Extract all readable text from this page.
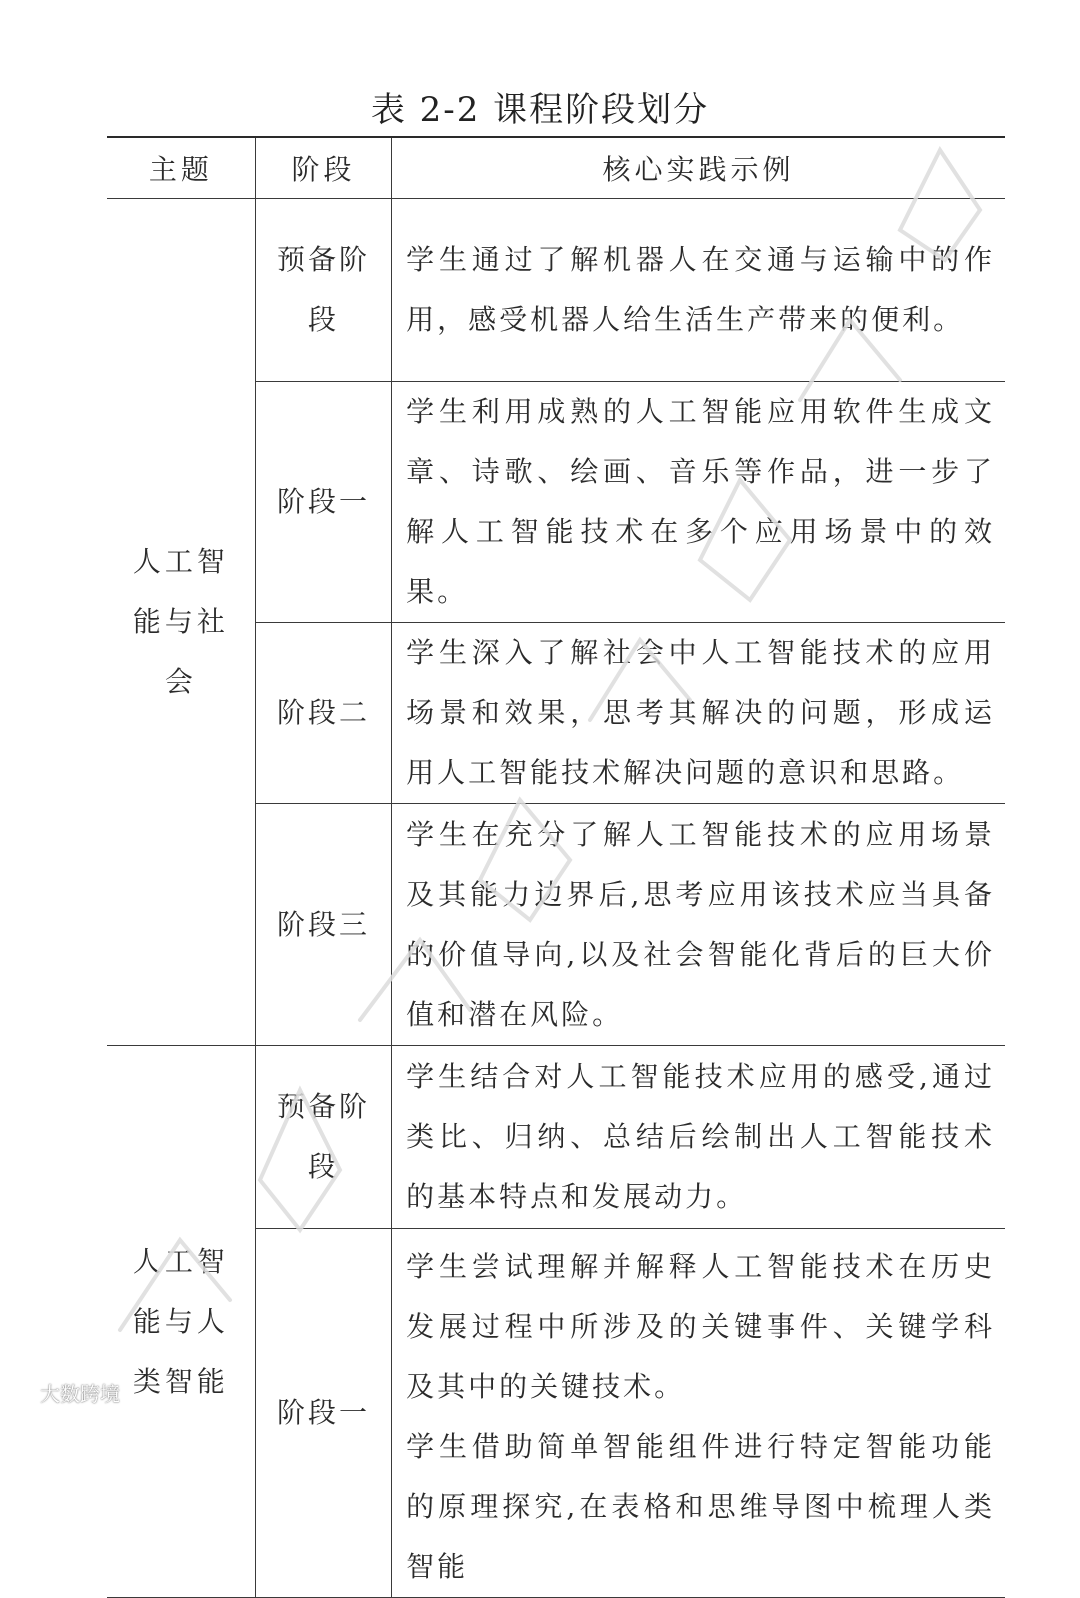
表 2-2 课程阶段划分
主题	阶段	核心实践示例
人工智能与社会	预备阶段	学生通过了解机器人在交通与运输中的作用，感受机器人给生活生产带来的便利。
	阶段一	学生利用成熟的人工智能应用软件生成文章、诗歌、绘画、音乐等作品，进一步了解人工智能技术在多个应用场景中的效果。
	阶段二	学生深入了解社会中人工智能技术的应用场景和效果，思考其解决的问题，形成运用人工智能技术解决问题的意识和思路。
	阶段三	学生在充分了解人工智能技术的应用场景及其能力边界后,思考应用该技术应当具备的价值导向,以及社会智能化背后的巨大价值和潜在风险。
人工智能与人类智能	预备阶段	学生结合对人工智能技术应用的感受,通过类比、归纳、总结后绘制出人工智能技术的基本特点和发展动力。
	阶段一	学生尝试理解并解释人工智能技术在历史发展过程中所涉及的关键事件、关键学科及其中的关键技术。

学生借助简单智能组件进行特定智能功能的原理探究,在表格和思维导图中梳理人类智能

大数跨境
